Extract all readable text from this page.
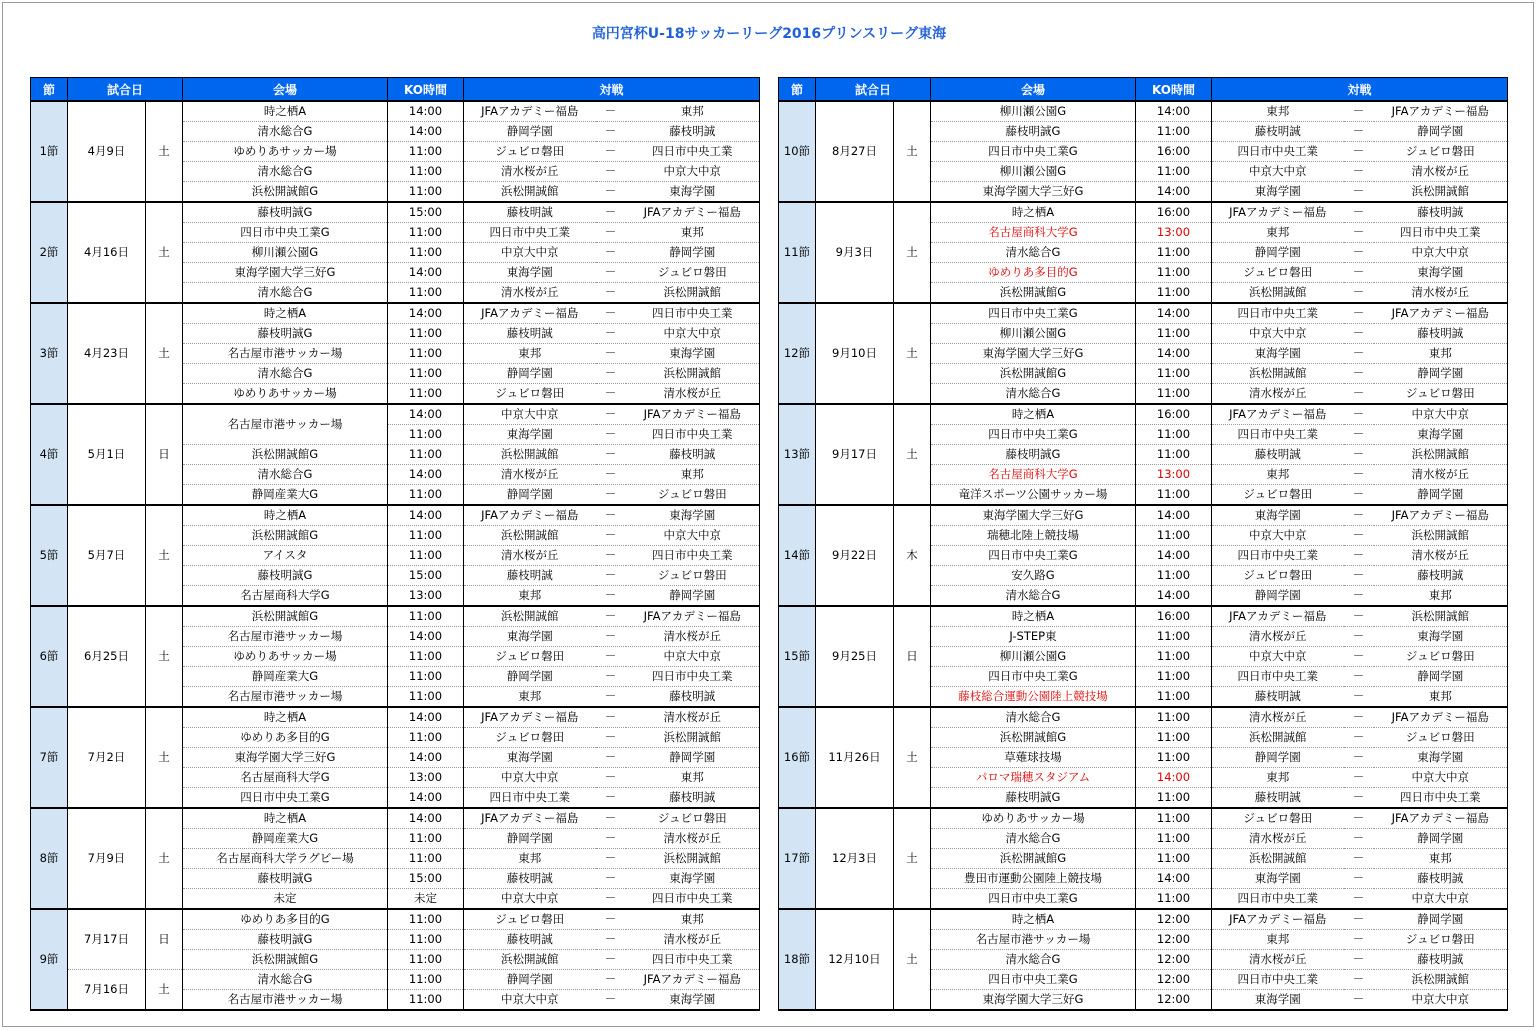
高円宮杯U-18サッカーリーグ2016プリンスリーグ東海
節	試合日		会場	KO時間	対戦		
1節	4月9日	土	時之栖A	14:00	JFAアカデミー福島	－	東邦
			清水総合G	14:00	静岡学園	－	藤枝明誠
			ゆめりあサッカー場	11:00	ジュビロ磐田	－	四日市中央工業
			清水総合G	11:00	清水桜が丘	－	中京大中京
			浜松開誠館G	11:00	浜松開誠館	－	東海学園
2節	4月16日	土	藤枝明誠G	15:00	藤枝明誠	－	JFAアカデミー福島
			四日市中央工業G	11:00	四日市中央工業	－	東邦
			柳川瀬公園G	11:00	中京大中京	－	静岡学園
			東海学園大学三好G	14:00	東海学園	－	ジュビロ磐田
			清水総合G	11:00	清水桜が丘	－	浜松開誠館
3節	4月23日	土	時之栖A	14:00	JFAアカデミー福島	－	四日市中央工業
			藤枝明誠G	11:00	藤枝明誠	－	中京大中京
			名古屋市港サッカー場	11:00	東邦	－	東海学園
			清水総合G	11:00	静岡学園	－	浜松開誠館
			ゆめりあサッカー場	11:00	ジュビロ磐田	－	清水桜が丘
4節	5月1日	日	名古屋市港サッカー場	14:00	中京大中京	－	JFAアカデミー福島
				11:00	東海学園	－	四日市中央工業
			浜松開誠館G	11:00	浜松開誠館	－	藤枝明誠
			清水総合G	14:00	清水桜が丘	－	東邦
			静岡産業大G	11:00	静岡学園	－	ジュビロ磐田
5節	5月7日	土	時之栖A	14:00	JFAアカデミー福島	－	東海学園
			浜松開誠館G	11:00	浜松開誠館	－	中京大中京
			アイスタ	11:00	清水桜が丘	－	四日市中央工業
			藤枝明誠G	15:00	藤枝明誠	－	ジュビロ磐田
			名古屋商科大学G	13:00	東邦	－	静岡学園
6節	6月25日	土	浜松開誠館G	11:00	浜松開誠館	－	JFAアカデミー福島
			名古屋市港サッカー場	14:00	東海学園	－	清水桜が丘
			ゆめりあサッカー場	11:00	ジュビロ磐田	－	中京大中京
			静岡産業大G	11:00	静岡学園	－	四日市中央工業
			名古屋市港サッカー場	11:00	東邦	－	藤枝明誠
7節	7月2日	土	時之栖A	14:00	JFAアカデミー福島	－	清水桜が丘
			ゆめりあ多目的G	11:00	ジュビロ磐田	－	浜松開誠館
			東海学園大学三好G	14:00	東海学園	－	静岡学園
			名古屋商科大学G	13:00	中京大中京	－	東邦
			四日市中央工業G	14:00	四日市中央工業	－	藤枝明誠
8節	7月9日	土	時之栖A	14:00	JFAアカデミー福島	－	ジュビロ磐田
			静岡産業大G	11:00	静岡学園	－	清水桜が丘
			名古屋商科大学ラグビー場	11:00	東邦	－	浜松開誠館
			藤枝明誠G	15:00	藤枝明誠	－	東海学園
			未定	未定	中京大中京	－	四日市中央工業
9節	7月17日	日	ゆめりあ多目的G	11:00	ジュビロ磐田	－	東邦
			藤枝明誠G	11:00	藤枝明誠	－	清水桜が丘
			浜松開誠館G	11:00	浜松開誠館	－	四日市中央工業
	7月16日	土	清水総合G	11:00	静岡学園	－	JFAアカデミー福島
			名古屋市港サッカー場	11:00	中京大中京	－	東海学園
節	試合日		会場	KO時間	対戦		
10節	8月27日	土	柳川瀬公園G	14:00	東邦	－	JFAアカデミー福島
			藤枝明誠G	11:00	藤枝明誠	－	静岡学園
			四日市中央工業G	16:00	四日市中央工業	－	ジュビロ磐田
			柳川瀬公園G	11:00	中京大中京	－	清水桜が丘
			東海学園大学三好G	14:00	東海学園	－	浜松開誠館
11節	9月3日	土	時之栖A	16:00	JFAアカデミー福島	－	藤枝明誠
			名古屋商科大学G	13:00	東邦	－	四日市中央工業
			清水総合G	11:00	静岡学園	－	中京大中京
			ゆめりあ多目的G	11:00	ジュビロ磐田	－	東海学園
			浜松開誠館G	11:00	浜松開誠館	－	清水桜が丘
12節	9月10日	土	四日市中央工業G	14:00	四日市中央工業	－	JFAアカデミー福島
			柳川瀬公園G	11:00	中京大中京	－	藤枝明誠
			東海学園大学三好G	14:00	東海学園	－	東邦
			浜松開誠館G	11:00	浜松開誠館	－	静岡学園
			清水総合G	11:00	清水桜が丘	－	ジュビロ磐田
13節	9月17日	土	時之栖A	16:00	JFAアカデミー福島	－	中京大中京
			四日市中央工業G	11:00	四日市中央工業	－	東海学園
			藤枝明誠G	11:00	藤枝明誠	－	浜松開誠館
			名古屋商科大学G	13:00	東邦	－	清水桜が丘
			竜洋スポーツ公園サッカー場	11:00	ジュビロ磐田	－	静岡学園
14節	9月22日	木	東海学園大学三好G	14:00	東海学園	－	JFAアカデミー福島
			瑞穂北陸上競技場	11:00	中京大中京	－	浜松開誠館
			四日市中央工業G	14:00	四日市中央工業	－	清水桜が丘
			安久路G	11:00	ジュビロ磐田	－	藤枝明誠
			清水総合G	14:00	静岡学園	－	東邦
15節	9月25日	日	時之栖A	16:00	JFAアカデミー福島	－	浜松開誠館
			J-STEP東	11:00	清水桜が丘	－	東海学園
			柳川瀬公園G	11:00	中京大中京	－	ジュビロ磐田
			四日市中央工業G	11:00	四日市中央工業	－	静岡学園
			藤枝総合運動公園陸上競技場	11:00	藤枝明誠	－	東邦
16節	11月26日	土	清水総合G	11:00	清水桜が丘	－	JFAアカデミー福島
			浜松開誠館G	11:00	浜松開誠館	－	ジュビロ磐田
			草薙球技場	11:00	静岡学園	－	東海学園
			パロマ瑞穂スタジアム	14:00	東邦	－	中京大中京
			藤枝明誠G	11:00	藤枝明誠	－	四日市中央工業
17節	12月3日	土	ゆめりあサッカー場	11:00	ジュビロ磐田	－	JFAアカデミー福島
			清水総合G	11:00	清水桜が丘	－	静岡学園
			浜松開誠館G	11:00	浜松開誠館	－	東邦
			豊田市運動公園陸上競技場	14:00	東海学園	－	藤枝明誠
			四日市中央工業G	11:00	四日市中央工業	－	中京大中京
18節	12月10日	土	時之栖A	12:00	JFAアカデミー福島	－	静岡学園
			名古屋市港サッカー場	12:00	東邦	－	ジュビロ磐田
			清水総合G	12:00	清水桜が丘	－	藤枝明誠
			四日市中央工業G	12:00	四日市中央工業	－	浜松開誠館
			東海学園大学三好G	12:00	東海学園	－	中京大中京
